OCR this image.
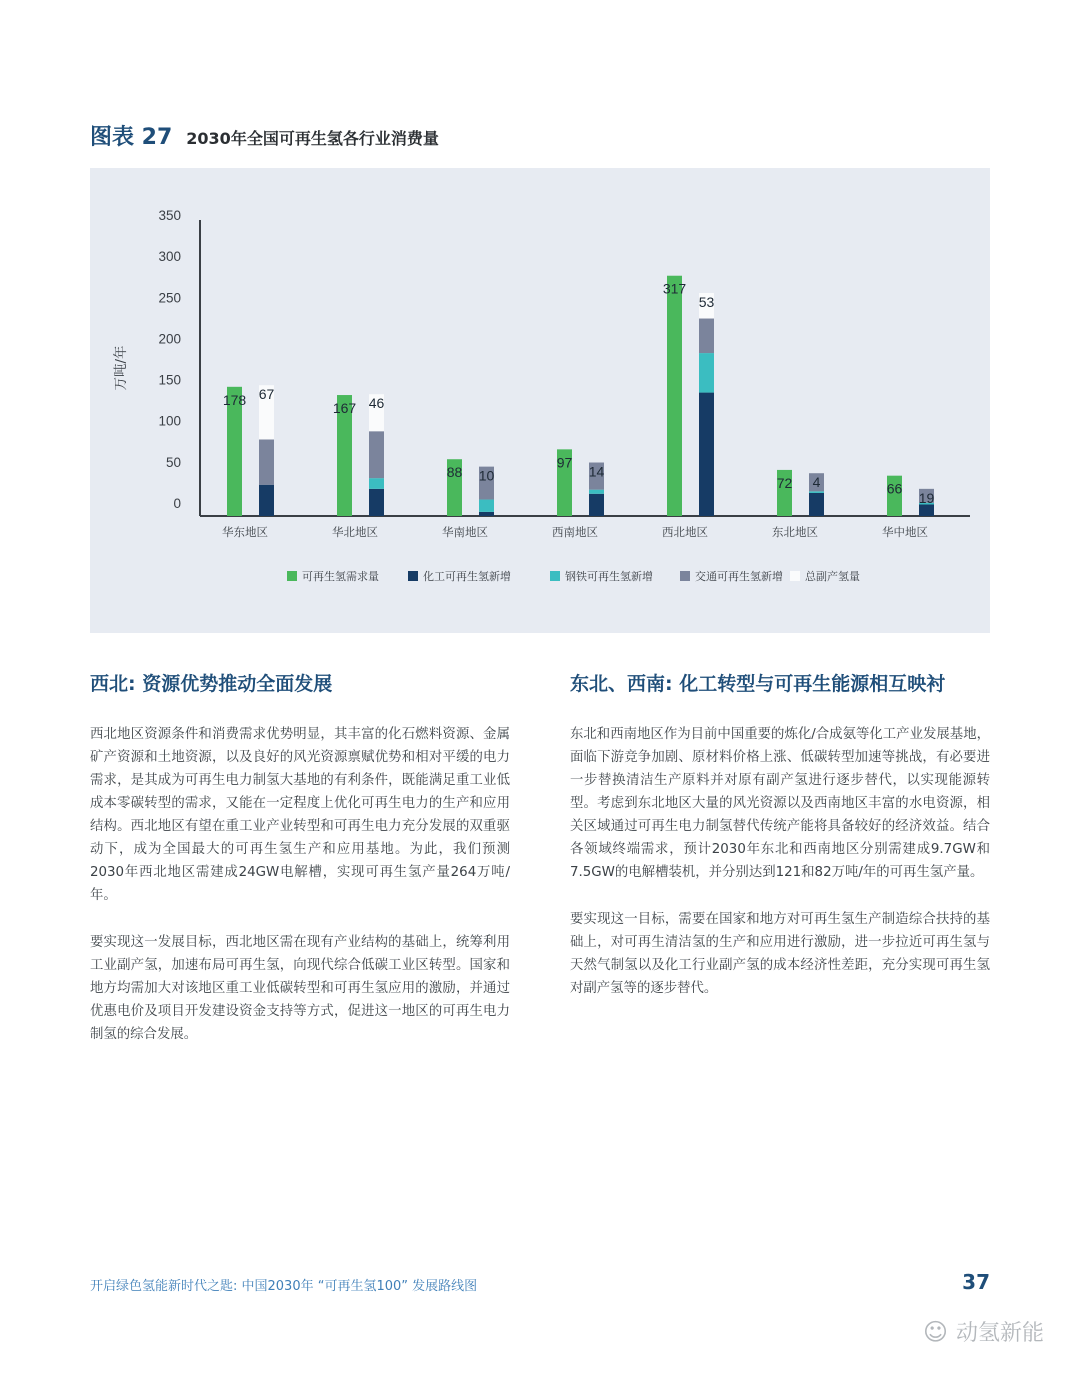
图表 27 2030年全国可再生氢各行业消费量
0
50
100
150
200
250
300
350
万吨/年
178 67
华东地区
167 46
华北地区
88 10
华南地区
97
14
西南地区
317
53
西北地区
72 4
东北地区
66
19
华中地区
可再生氢需求量	化工可再生氢新增	钢铁可再生氢新增	交通可再生氢新增 总副产氢量
西北: 资源优势推动全面发展

西北地区资源条件和消费需求优势明显，其丰富的化石燃料资源、金属矿产资源和土地资源，以及良好的风光资源禀赋优势和相对平缓的电力需求，是其成为可再生电力制氢大基地的有利条件，既能满足重工业低成本零碳转型的需求，又能在一定程度上优化可再生电力的生产和应用结构。西北地区有望在重工业产业转型和可再生电力充分发展的双重驱动下，成为全国最大的可再生氢生产和应用基地。为此，我们预测2030年西北地区需建成24GW电解槽，实现可再生氢产量264万吨/年。

要实现这一发展目标，西北地区需在现有产业结构的基础上，统筹利用工业副产氢，加速布局可再生氢，向现代综合低碳工业区转型。国家和地方均需加大对该地区重工业低碳转型和可再生氢应用的激励，并通过优惠电价及项目开发建设资金支持等方式，促进这一地区的可再生电力制氢的综合发展。

东北、西南: 化工转型与可再生能源相互映衬

东北和西南地区作为目前中国重要的炼化/合成氨等化工产业发展基地，面临下游竞争加剧、原材料价格上涨、低碳转型加速等挑战，有必要进一步替换清洁生产原料并对原有副产氢进行逐步替代，以实现能源转型。考虑到东北地区大量的风光资源以及西南地区丰富的水电资源，相关区域通过可再生电力制氢替代传统产能将具备较好的经济效益。结合各领域终端需求，预计2030年东北和西南地区分别需建成9.7GW和7.5GW的电解槽装机，并分别达到121和82万吨/年的可再生氢产量。

要实现这一目标，需要在国家和地方对可再生氢生产制造综合扶持的基础上，对可再生清洁氢的生产和应用进行激励，进一步拉近可再生氢与天然气制氢以及化工行业副产氢的成本经济性差距，充分实现可再生氢对副产氢等的逐步替代。

开启绿色氢能新时代之匙: 中国2030年 “可再生氢100” 发展路线图	37
☺ 动氢新能
